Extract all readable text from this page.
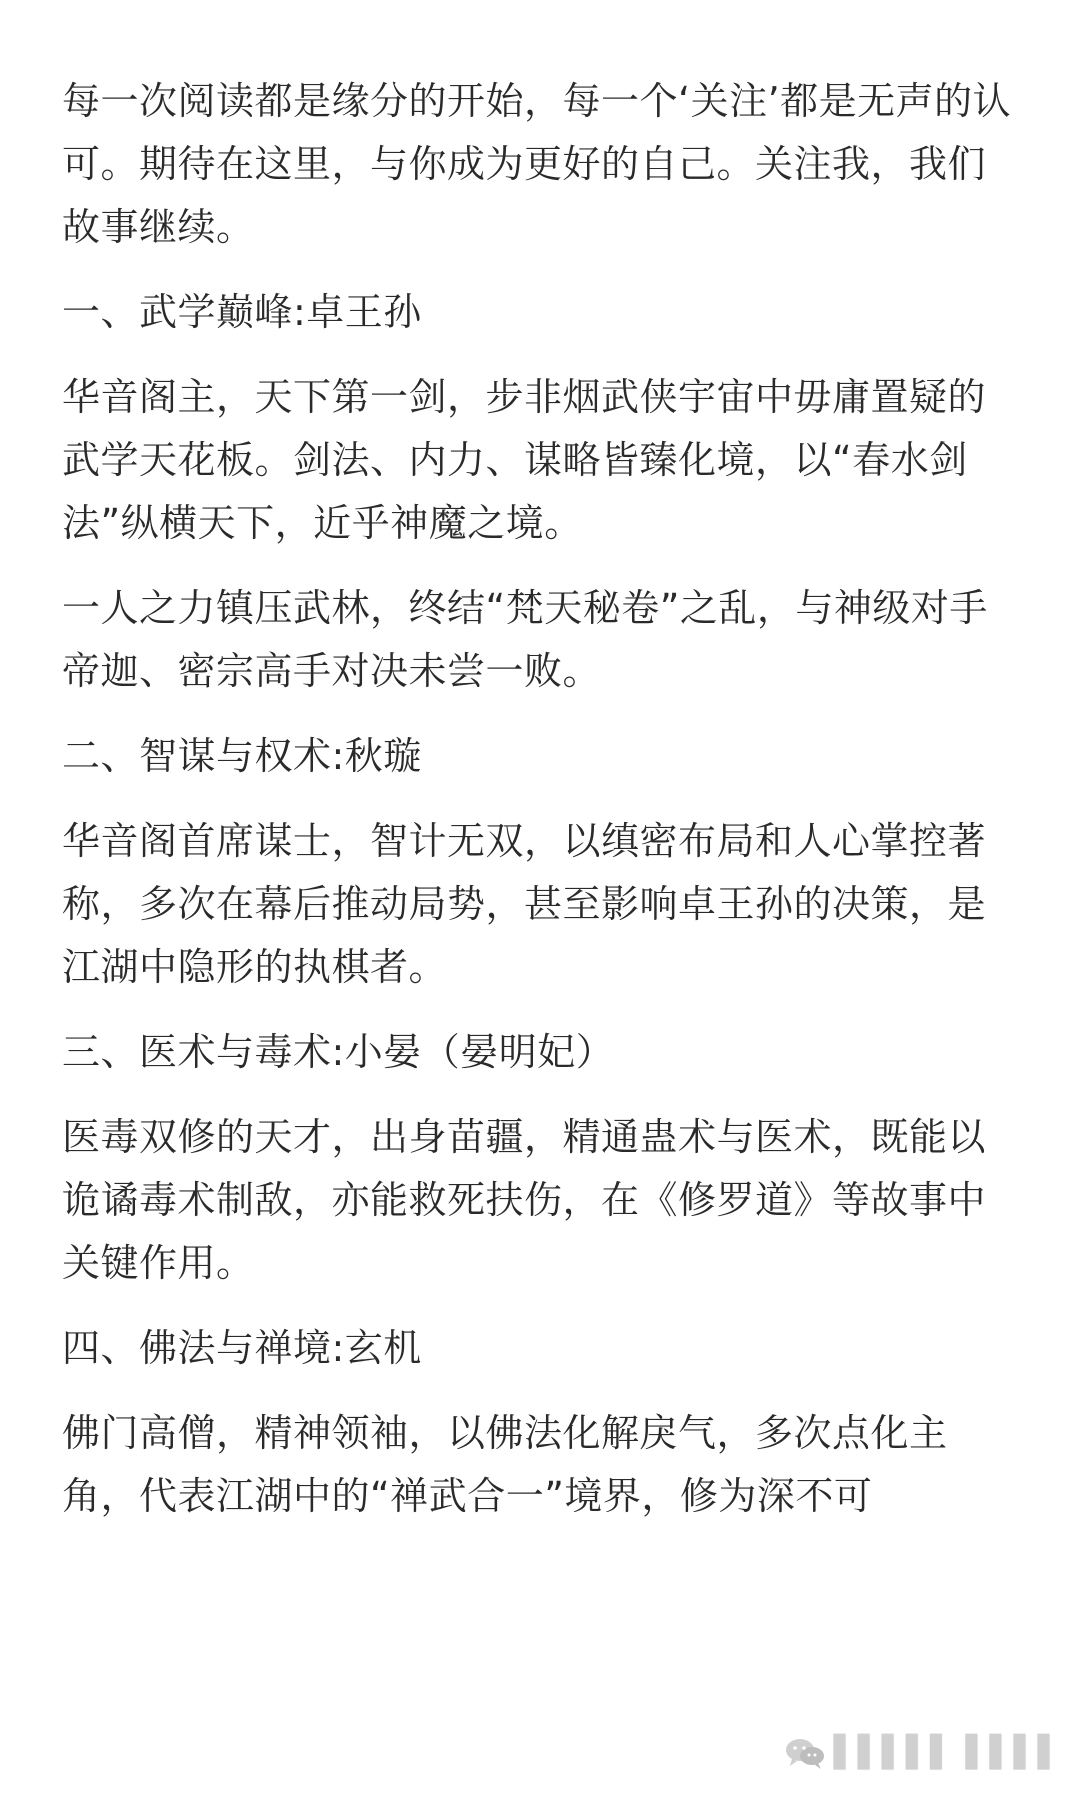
每一次阅读都是缘分的开始，每一个‘关注’都是无声的认可。期待在这里，与你成为更好的自己。关注我，我们故事继续。

一、武学巅峰:卓王孙

华音阁主，天下第一剑，步非烟武侠宇宙中毋庸置疑的武学天花板。剑法、内力、谋略皆臻化境，以“春水剑法”纵横天下，近乎神魔之境。

一人之力镇压武林，终结“梵天秘卷”之乱，与神级对手帝迦、密宗高手对决未尝一败。

二、智谋与权术:秋璇

华音阁首席谋士，智计无双，以缜密布局和人心掌控著称，多次在幕后推动局势，甚至影响卓王孙的决策，是江湖中隐形的执棋者。

三、医术与毒术:小晏（晏明妃）

医毒双修的天才，出身苗疆，精通蛊术与医术，既能以诡谲毒术制敌，亦能救死扶伤，在《修罗道》等故事中关键作用。

四、佛法与禅境:玄机

佛门高僧，精神领袖，以佛法化解戾气，多次点化主角，代表江湖中的“禅武合一”境界，修为深不可

▌▌▌▌▌ ▌▌▌▌
